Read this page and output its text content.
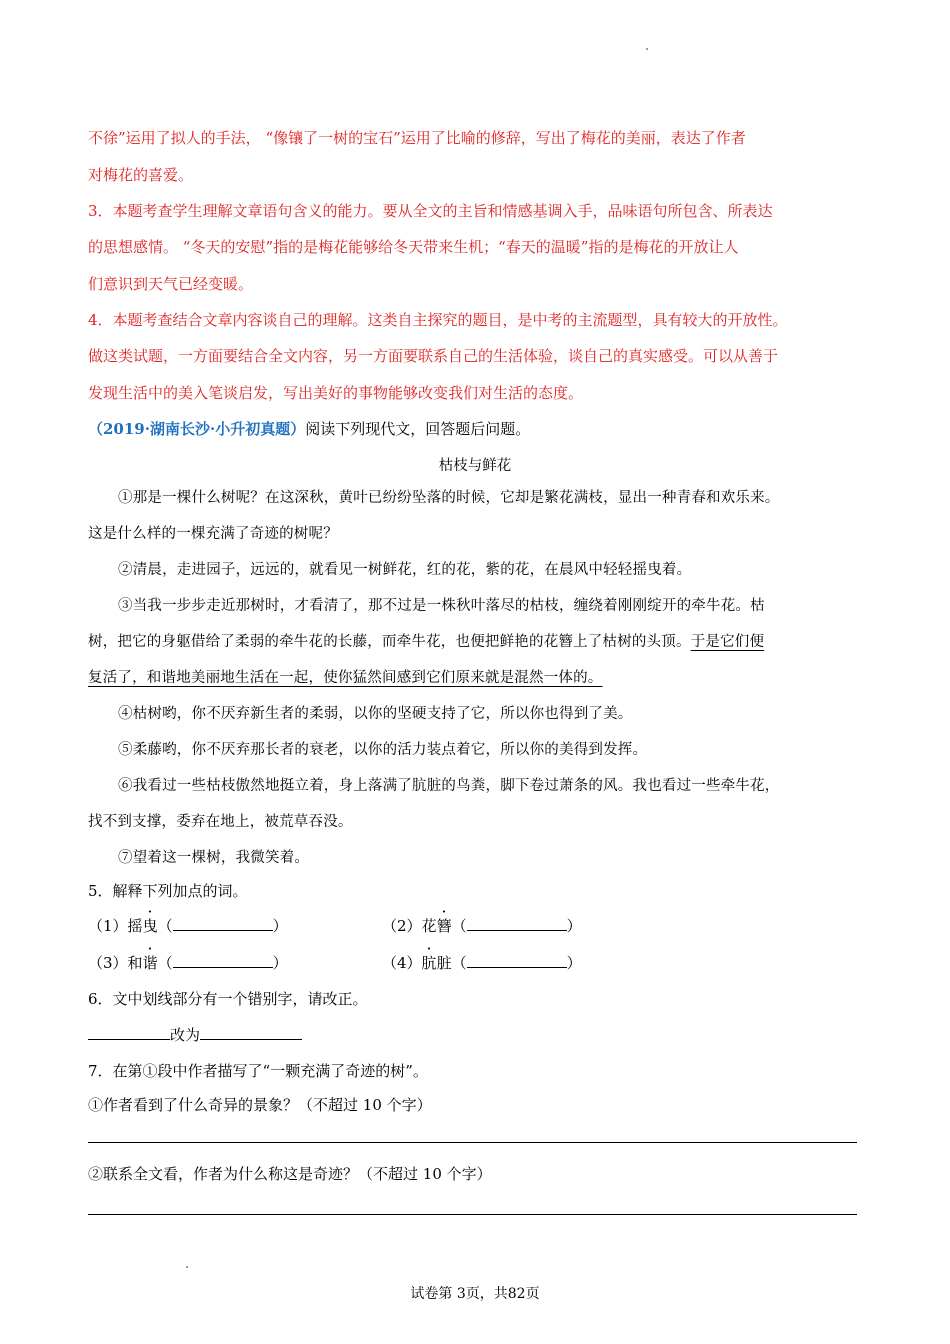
不徐”运用了拟人的手法， “像镶了一树的宝石”运用了比喻的修辞，写出了梅花的美丽，表达了作者
对梅花的喜爱。
3．本题考查学生理解文章语句含义的能力。要从全文的主旨和情感基调入手，品味语句所包含、所表达
的思想感情。 “冬天的安慰”指的是梅花能够给冬天带来生机；“春天的温暖”指的是梅花的开放让人
们意识到天气已经变暖。
4．本题考查结合文章内容谈自己的理解。这类自主探究的题目，是中考的主流题型，具有较大的开放性。
做这类试题，一方面要结合全文内容，另一方面要联系自己的生活体验，谈自己的真实感受。可以从善于
发现生活中的美入笔谈启发，写出美好的事物能够改变我们对生活的态度。
（2019·湖南长沙·小升初真题）阅读下列现代文，回答题后问题。
枯枝与鲜花
①那是一棵什么树呢？在这深秋，黄叶已纷纷坠落的时候，它却是繁花满枝，显出一种青春和欢乐来。
这是什么样的一棵充满了奇迹的树呢？
②清晨，走进园子，远远的，就看见一树鲜花，红的花，紫的花，在晨风中轻轻摇曳着。
③当我一步步走近那树时，才看清了，那不过是一株秋叶落尽的枯枝，缠绕着刚刚绽开的牵牛花。枯
树，把它的身躯借给了柔弱的牵牛花的长藤，而牵牛花，也便把鲜艳的花簪上了枯树的头顶。于是它们便
复活了，和谐地美丽地生活在一起，使你猛然间感到它们原来就是混然一体的。
④枯树哟，你不厌弃新生者的柔弱，以你的坚硬支持了它，所以你也得到了美。
⑤柔藤哟，你不厌弃那长者的衰老，以你的活力装点着它，所以你的美得到发挥。
⑥我看过一些枯枝傲然地挺立着，身上落满了肮脏的鸟粪，脚下卷过萧条的风。我也看过一些牵牛花，
找不到支撑，委弃在地上，被荒草吞没。
⑦望着这一棵树，我微笑着。
5．解释下列加点的词。
（1）摇曳（	）	（2）花簪（	）
（3）和谐（	）	（4）肮脏（	）
6．文中划线部分有一个错别字，请改正。
改为
7．在第①段中作者描写了“一颗充满了奇迹的树”。
①作者看到了什么奇异的景象？（不超过 10 个字）
②联系全文看，作者为什么称这是奇迹？（不超过 10 个字）
试卷第 3页，共82页
